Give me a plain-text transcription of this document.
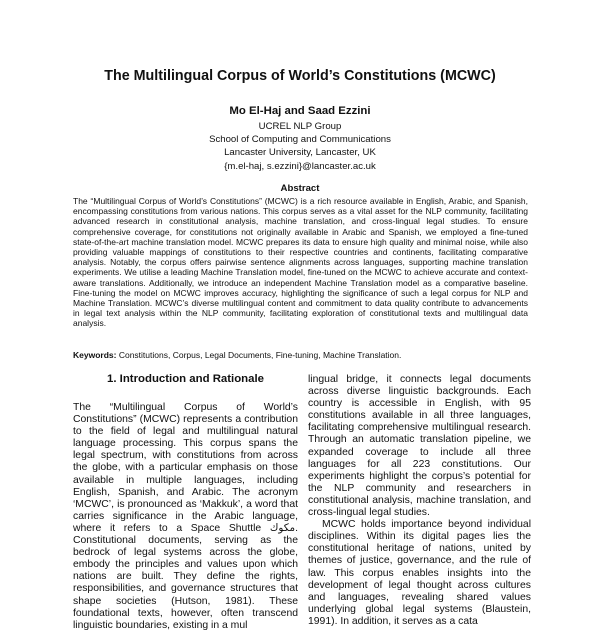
The Multilingual Corpus of World’s Constitutions (MCWC)
Mo El-Haj and Saad Ezzini
UCREL NLP Group
School of Computing and Communications
Lancaster University, Lancaster, UK
{m.el-haj, s.ezzini}@lancaster.ac.uk
Abstract
The “Multilingual Corpus of World’s Constitutions” (MCWC) is a rich resource available in English, Arabic, and Spanish, encompassing constitutions from various nations. This corpus serves as a vital asset for the NLP community, facilitating advanced research in constitutional analysis, machine translation, and cross-lingual legal studies. To ensure comprehensive coverage, for constitutions not originally available in Arabic and Spanish, we employed a fine-tuned state-of-the-art machine translation model. MCWC prepares its data to ensure high quality and minimal noise, while also providing valuable mappings of constitutions to their respective countries and continents, facilitating comparative analysis. Notably, the corpus offers pairwise sentence alignments across languages, supporting machine translation experiments. We utilise a leading Machine Translation model, fine-tuned on the MCWC to achieve accurate and context-aware translations. Additionally, we introduce an independent Machine Translation model as a comparative baseline. Fine-tuning the model on MCWC improves accuracy, highlighting the significance of such a legal corpus for NLP and Machine Translation. MCWC’s diverse multilingual content and commitment to data quality contribute to advancements in legal text analysis within the NLP community, facilitating exploration of constitutional texts and multilingual data analysis.
Keywords: Constitutions, Corpus, Legal Documents, Fine-tuning, Machine Translation.
1. Introduction and Rationale

The “Multilingual Corpus of World’s Constitutions” (MCWC) represents a contribution to the field of legal and multilingual natural language processing. This corpus spans the legal spectrum, with constitutions from across the globe, with a particular emphasis on those available in multiple languages, including English, Spanish, and Arabic. The acronym ‘MCWC’, is pronounced as ‘Makkuk’, a word that carries significance in the Arabic language, where it refers to a Space Shuttle مكوك. Constitutional documents, serving as the bedrock of legal systems across the globe, embody the principles and values upon which nations are built. They define the rights, responsibilities, and governance structures that shape societies (Hutson, 1981). These foundational texts, however, often transcend linguistic boundaries, existing in a mul

lingual bridge, it connects legal documents across diverse linguistic backgrounds. Each country is accessible in English, with 95 constitutions available in all three languages, facilitating comprehensive multilingual research. Through an automatic translation pipeline, we expanded coverage to include all three languages for all 223 constitutions. Our experiments highlight the corpus’s potential for the NLP community and researchers in constitutional analysis, machine translation, and cross-lingual legal studies.

MCWC holds importance beyond individual disciplines. Within its digital pages lies the constitutional heritage of nations, united by themes of justice, governance, and the rule of law. This corpus enables insights into the development of legal thought across cultures and languages, revealing shared values underlying global legal systems (Blaustein, 1991). In addition, it serves as a cata
